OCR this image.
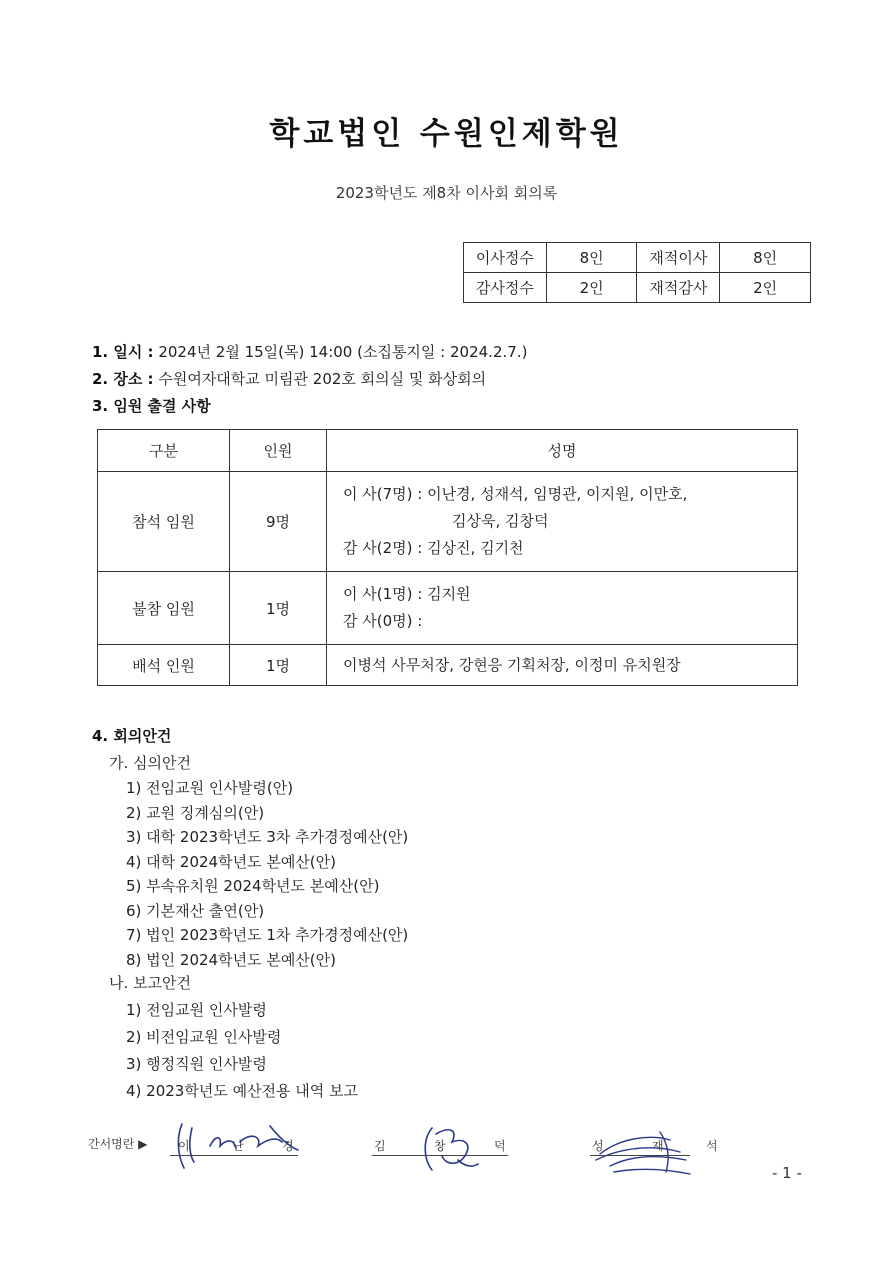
학교법인 수원인제학원
2023학년도 제8차 이사회 회의록
이사정수	8인	재적이사	8인
감사정수	2인	재적감사	2인
1. 일시 : 2024년 2월 15일(목) 14:00 (소집통지일 : 2024.2.7.)
2. 장소 : 수원여자대학교 미림관 202호 회의실 및 화상회의
3. 임원 출결 사항
구분	인원	성명
참석 임원	9명	이 사(7명) : 이난경, 성재석, 임명관, 이지원, 이만호,
김상욱, 김창덕
감 사(2명) : 김상진, 김기천

불참 임원	1명	이 사(1명) : 김지원
감 사(0명) :

배석 인원	1명	이병석 사무처장, 강현응 기획처장, 이정미 유치원장
4. 회의안건
가. 심의안건
1) 전임교원 인사발령(안)
2) 교원 징계심의(안)
3) 대학 2023학년도 3차 추가경정예산(안)
4) 대학 2024학년도 본예산(안)
5) 부속유치원 2024학년도 본예산(안)
6) 기본재산 출연(안)
7) 법인 2023학년도 1차 추가경정예산(안)
8) 법인 2024학년도 본예산(안)
나. 보고안건
1) 전임교원 인사발령
2) 비전임교원 인사발령
3) 행정직원 인사발령
4) 2023학년도 예산전용 내역 보고
간서명란 ▶	이	난	경	김	창	덕	성	재	석
- 1 -
